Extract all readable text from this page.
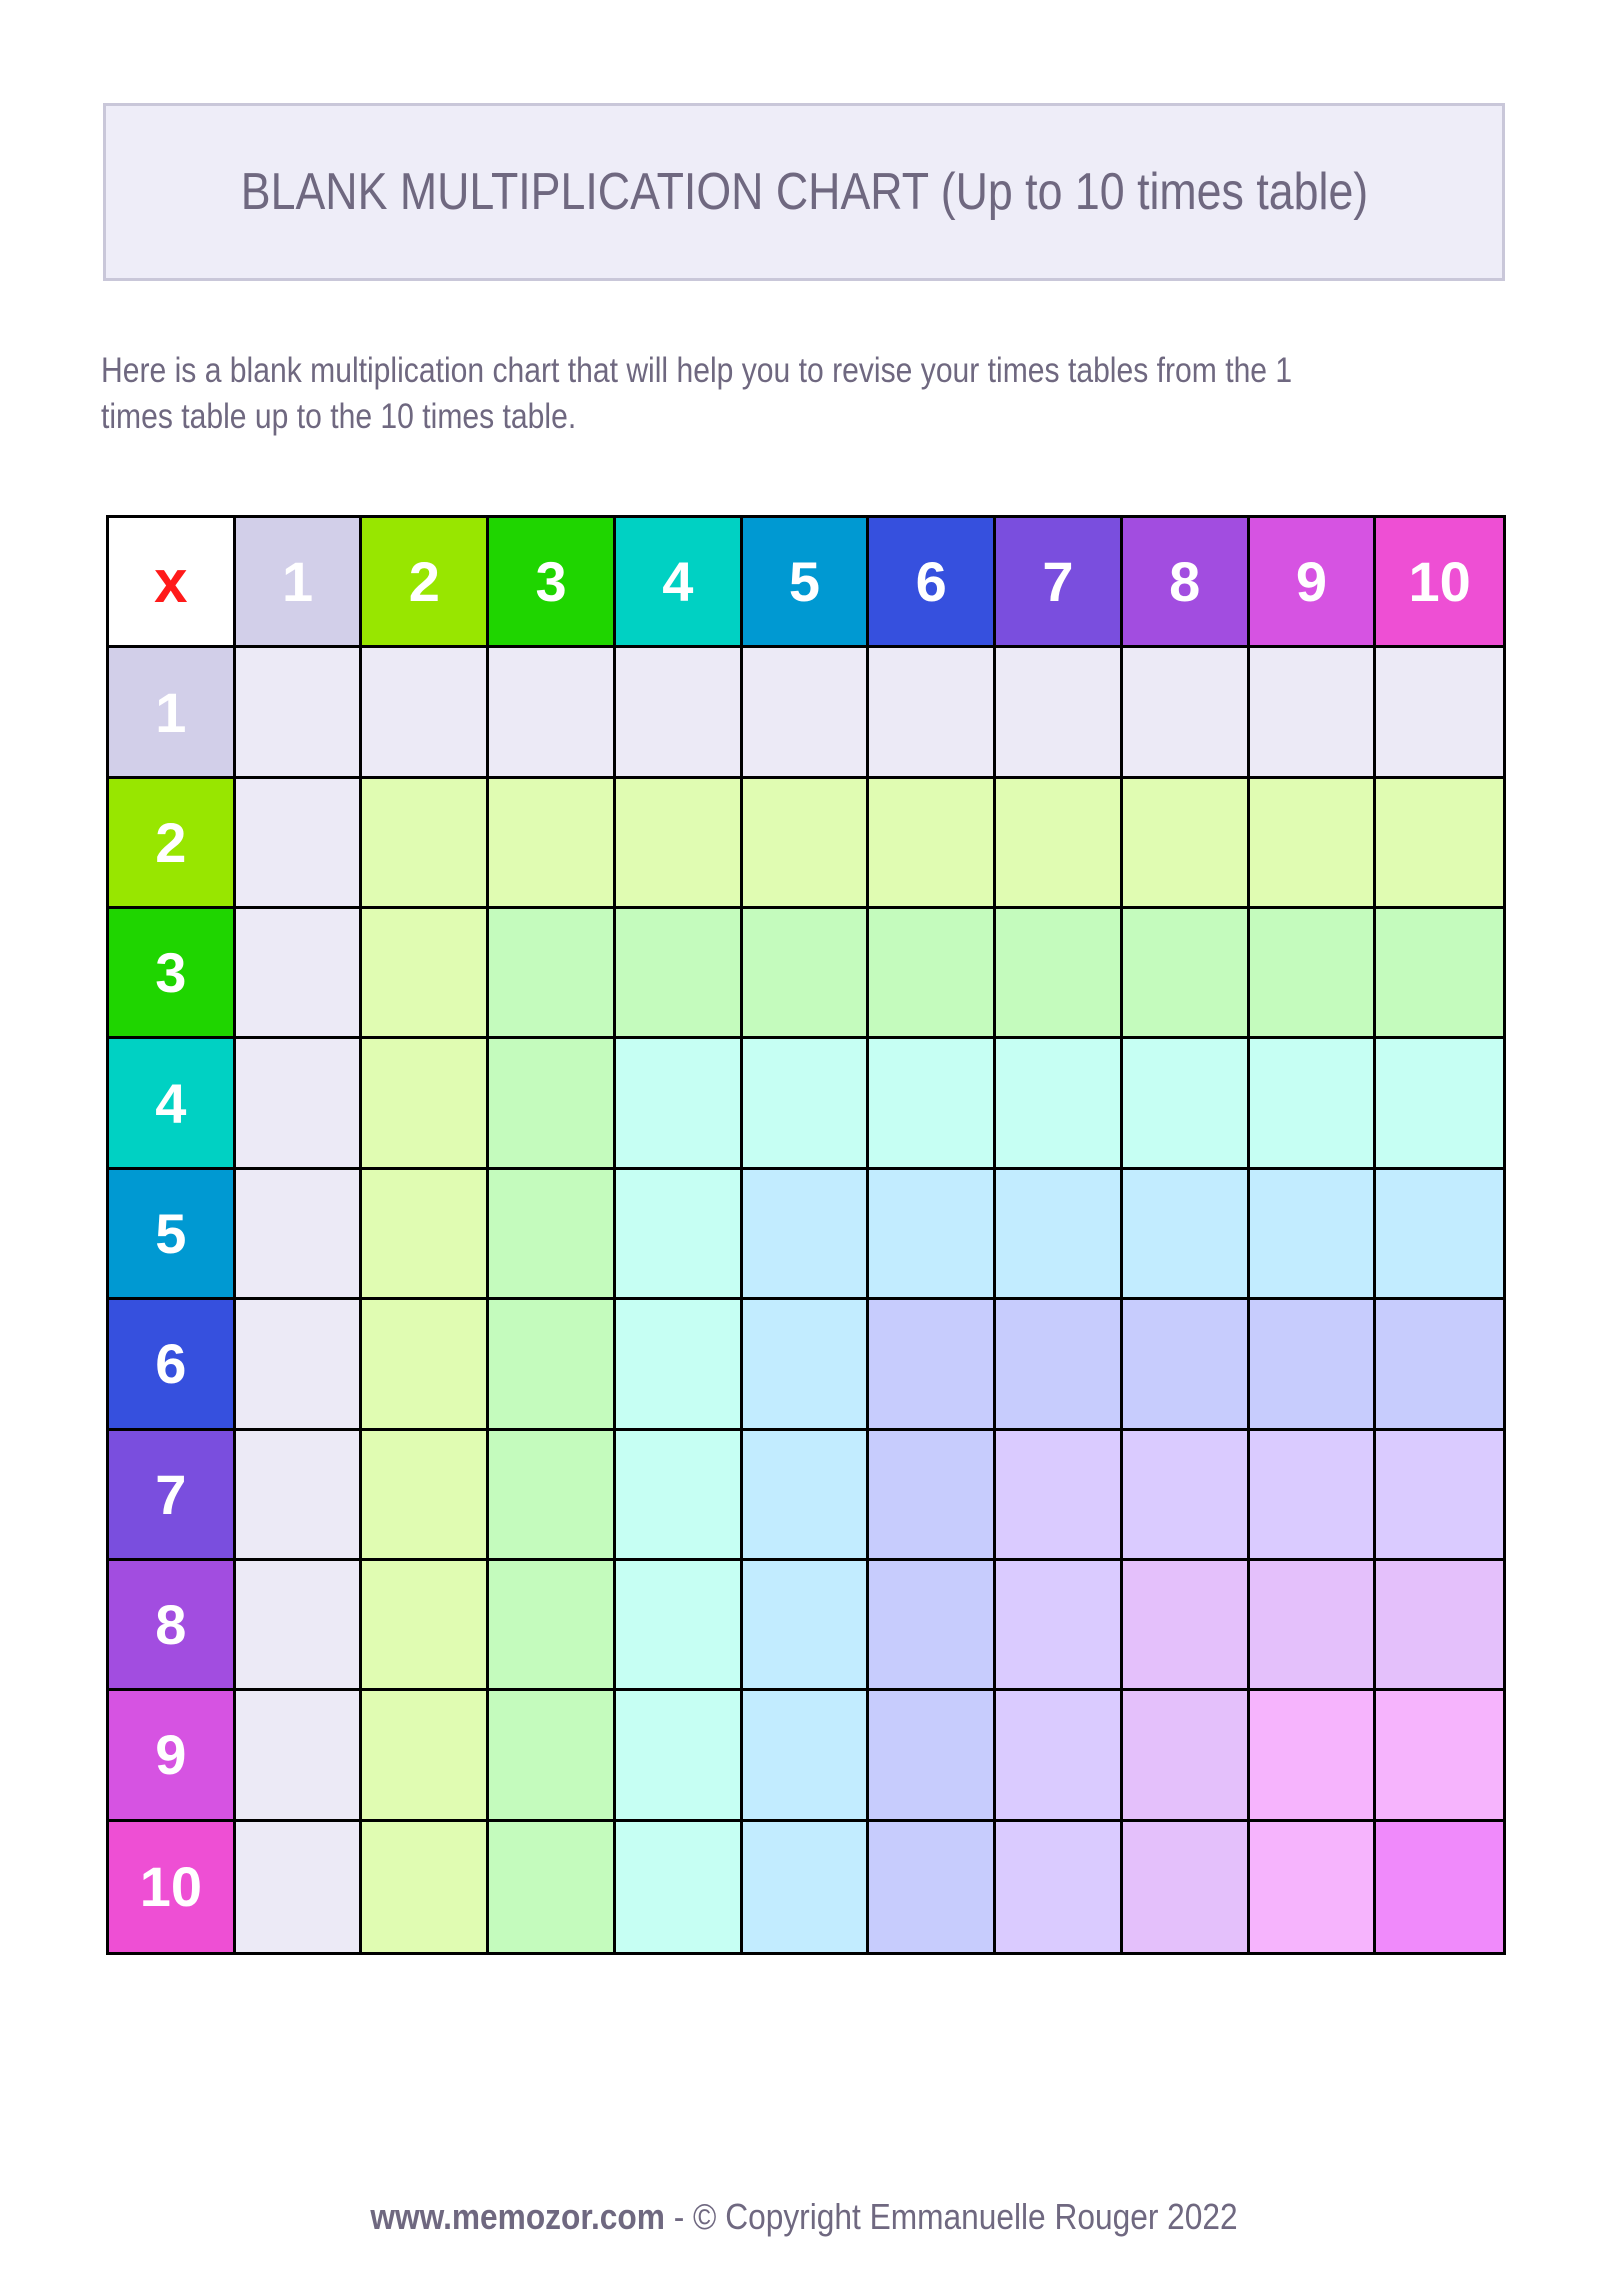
BLANK MULTIPLICATION CHART (Up to 10 times table)
Here is a blank multiplication chart that will help you to revise your times tables from the 1
times table up to the 10 times table.
x	1	2	3	4	5	6	7	8	9	10
1
2
3
4
5
6
7
8
9
10
www.memozor.com - © Copyright Emmanuelle Rouger 2022
